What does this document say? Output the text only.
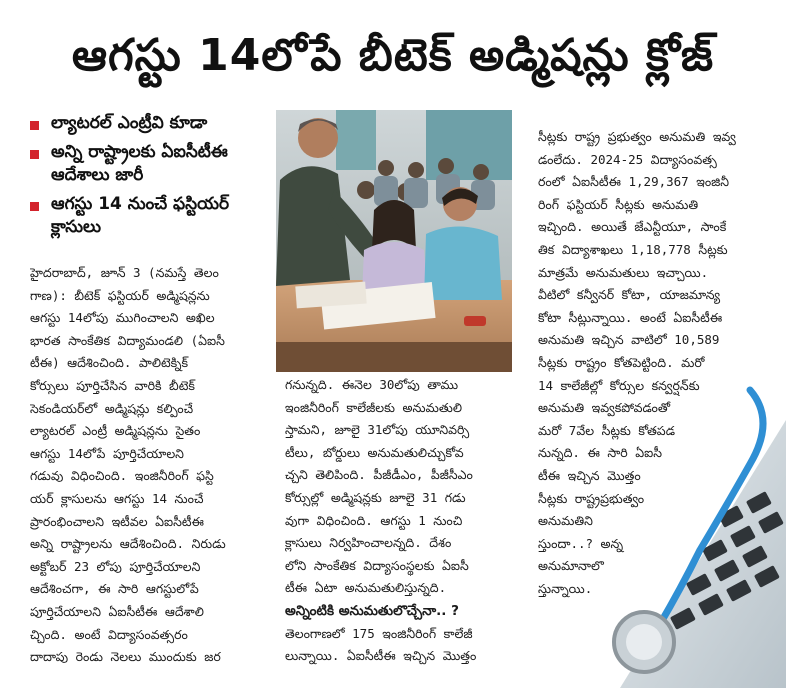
ఆగస్టు 14లోపే బీటెక్ అడ్మిషన్లు క్లోజ్
ల్యాటరల్ ఎంట్రీవి కూడా
అన్ని రాష్ట్రాలకు ఏఐసీటీఈ ఆదేశాలు జారీ
ఆగస్టు 14 నుంచే ఫస్టియర్ క్లాసులు

హైదరాబాద్, జూన్ 3 (నమస్తే తెలం

గాణ): బీటెక్ ఫస్టియర్ అడ్మిషన్లను

ఆగస్టు 14లోపు ముగించాలని అఖిల

భారత సాంకేతిక విద్యామండలి (ఏఐసీ

టీఈ) ఆదేశించింది. పాలిటెక్నిక్

కోర్సులు పూర్తిచేసిన వారికి బీటెక్

సెకండియర్‌లో అడ్మిషన్లు కల్పించే

ల్యాటరల్ ఎంట్రీ అడ్మిషన్లను సైతం

ఆగస్టు 14లోపే పూర్తిచేయాలని

గడువు విధించింది. ఇంజినీరింగ్ ఫస్టి

యర్ క్లాసులను ఆగస్టు 14 నుంచే

ప్రారంభించాలని ఇటీవల ఏఐసీటీఈ

అన్ని రాష్ట్రాలను ఆదేశించింది. నిరుడు

అక్టోబర్ 23 లోపు పూర్తిచేయాలని

ఆదేశించగా, ఈ సారి ఆగస్టులోపే

పూర్తిచేయాలని ఏఐసీటీఈ ఆదేశాలి

చ్చింది. అంటే విద్యాసంవత్సరం

దాదాపు రెండు నెలలు ముందుకు జర

గనున్నది. ఈనెల 30లోపు తాము

ఇంజినీరింగ్ కాలేజీలకు అనుమతులి

స్తామని, జూలై 31లోపు యూనివర్సి

టీలు, బోర్డులు అనుమతులిచ్చుకోవ

చ్చని తెలిపింది. పీజీడీఎం, పీజీసీఎం

కోర్సుల్లో అడ్మిషన్లకు జూలై 31 గడు

వుగా విధించింది. ఆగస్టు 1 నుంచి

క్లాసులు నిర్వహించాలన్నది. దేశం

లోని సాంకేతిక విద్యాసంస్థలకు ఏఐసీ

టీఈ ఏటా అనుమతులిస్తున్నది.

అన్నింటికి అనుమతులొచ్చేనా.. ?

తెలంగాణలో 175 ఇంజినీరింగ్ కాలేజీ

లున్నాయి. ఏఐసీటీఈ ఇచ్చిన మొత్తం

సీట్లకు రాష్ట్ర ప్రభుత్వం అనుమతి ఇవ్వ

డంలేదు. 2024-25 విద్యాసంవత్స

రంలో ఏఐసీటీఈ 1,29,367 ఇంజినీ

రింగ్ ఫస్టియర్ సీట్లకు అనుమతి

ఇచ్చింది. అయితే జేఎన్టీయూ, సాంకే

తిక విద్యాశాఖలు 1,18,778 సీట్లకు

మాత్రమే అనుమతులు ఇచ్చాయి.

వీటిలో కన్వీనర్ కోటా, యాజమాన్య

కోటా సీట్లున్నాయి. అంటే ఏఐసీటీఈ

అనుమతి ఇచ్చిన వాటిలో 10,589

సీట్లకు రాష్ట్రం కోతపెట్టింది. మరో

14 కాలేజీల్లో కోర్సుల కన్వర్షన్‌కు

అనుమతి ఇవ్వకపోవడంతో

మరో 7వేల సీట్లకు కోతపడ

నున్నది. ఈ సారి ఏఐసీ

టీఈ ఇచ్చిన మొత్తం

సీట్లకు రాష్ట్రప్రభుత్వం

అనుమతిని

స్తుందా..? అన్న

అనుమానాలొ

స్తున్నాయి.
